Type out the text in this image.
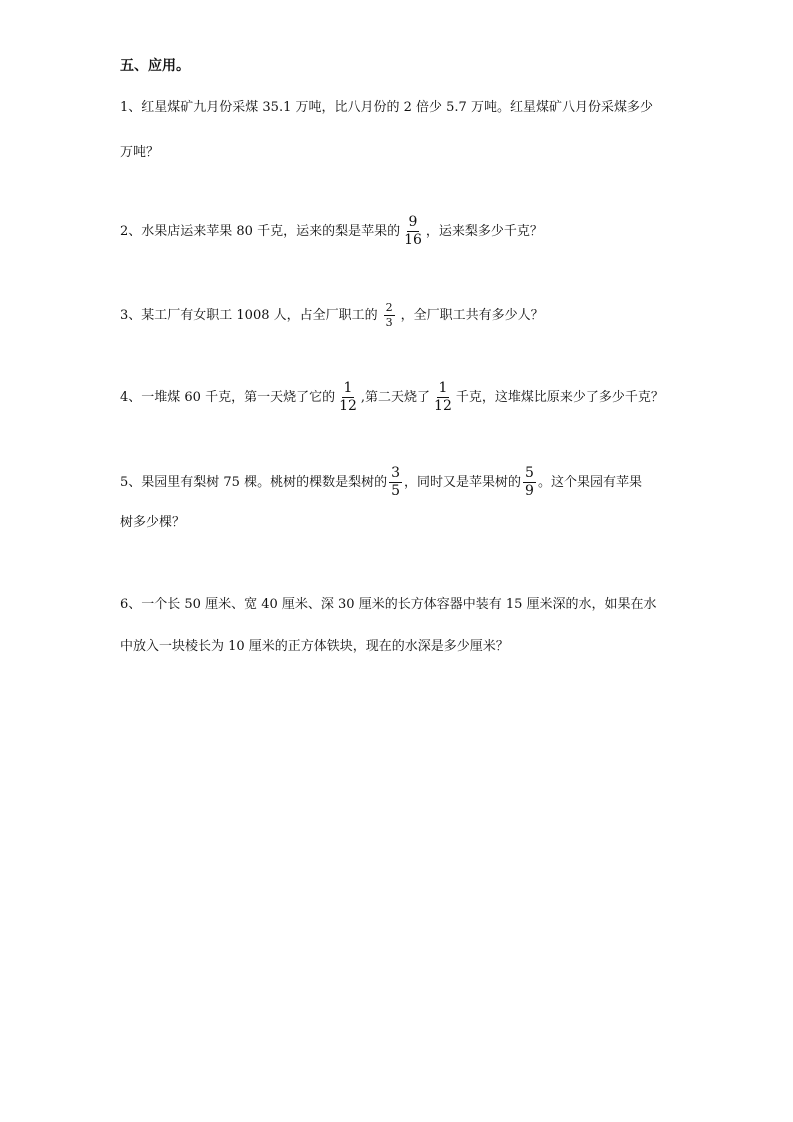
五、应用。
1、红星煤矿九月份采煤 35.1 万吨，比八月份的 2 倍少 5.7 万吨。红星煤矿八月份采煤多少
万吨？
2、水果店运来苹果 80 千克，运来的梨是苹果的 $\frac{9}{16}$ ，运来梨多少千克？
3、某工厂有女职工 1008 人，占全厂职工的 $\frac{2}{3}$ ，全厂职工共有多少人？
4、一堆煤 60 千克，第一天烧了它的 $\frac{1}{12}$ ,第二天烧了 $\frac{1}{12}$ 千克，这堆煤比原来少了多少千克？
5、果园里有梨树 75 棵。桃树的棵数是梨树的 $\frac{3}{5}$ ，同时又是苹果树的 $\frac{5}{9}$ 。这个果园有苹果
树多少棵？
6、一个长 50 厘米、宽 40 厘米、深 30 厘米的长方体容器中装有 15 厘米深的水，如果在水
中放入一块棱长为 10 厘米的正方体铁块，现在的水深是多少厘米？
